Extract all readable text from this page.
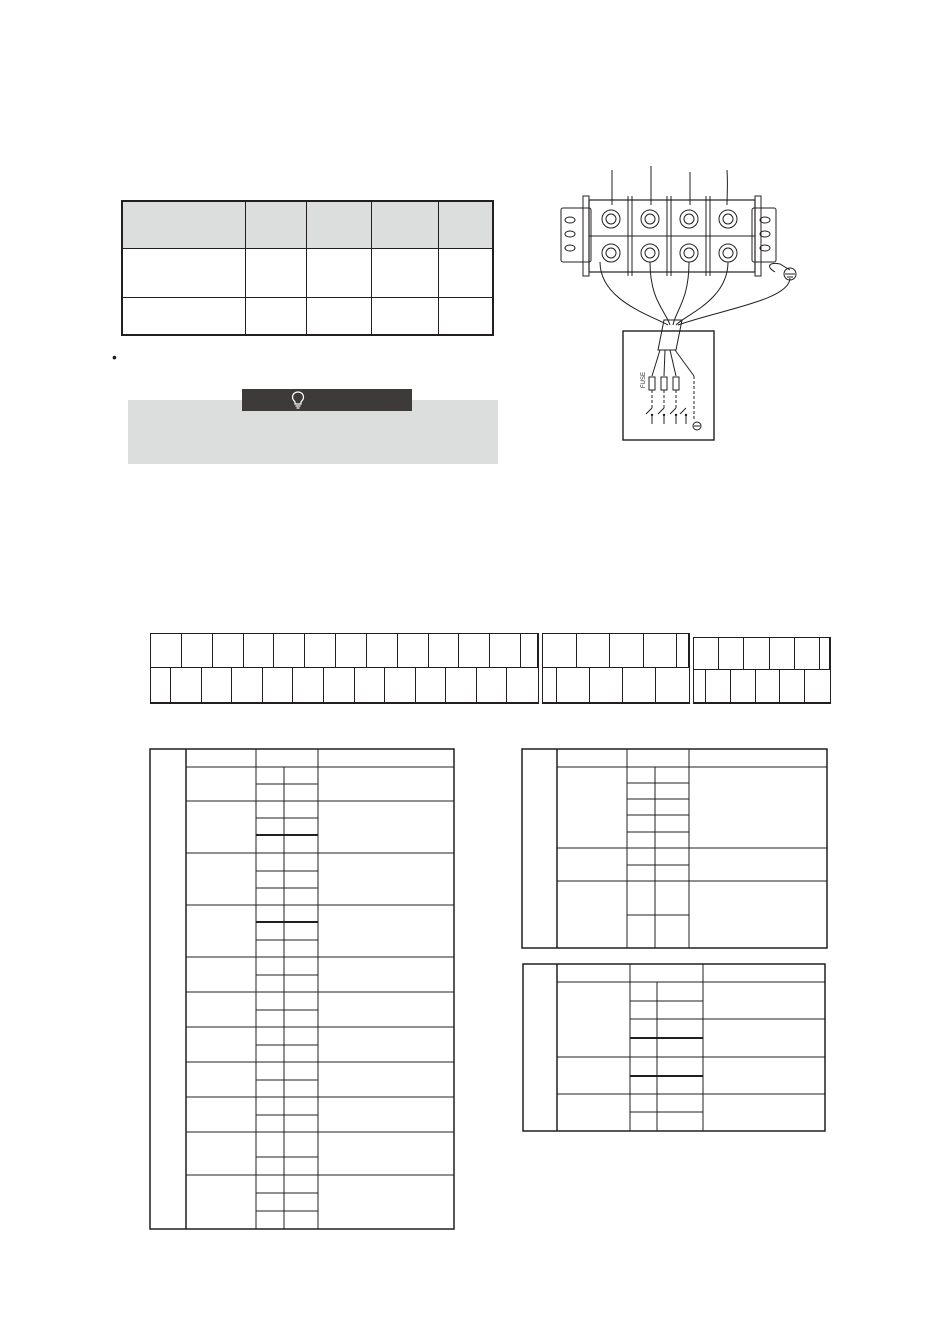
•
FUSE
